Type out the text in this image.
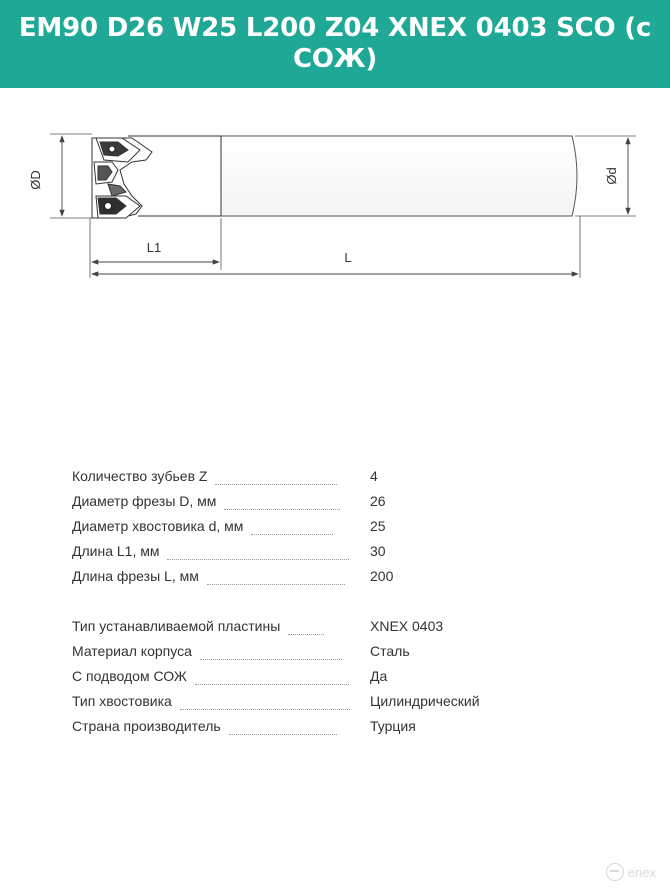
EM90 D26 W25 L200 Z04 XNEX 0403 SCO (с СОЖ)
ØD	Ød
L1
L
Количество зубьев Z	4
Диаметр фрезы D, мм	26
Диаметр хвостовика d, мм	25
Длина L1, мм	30
Длина фрезы L, мм	200
Тип устанавливаемой пластины	XNEX 0403
Материал корпуса	Сталь
С подводом СОЖ	Да
Тип хвостовика	Цилиндрический
Страна производитель	Турция
enex
